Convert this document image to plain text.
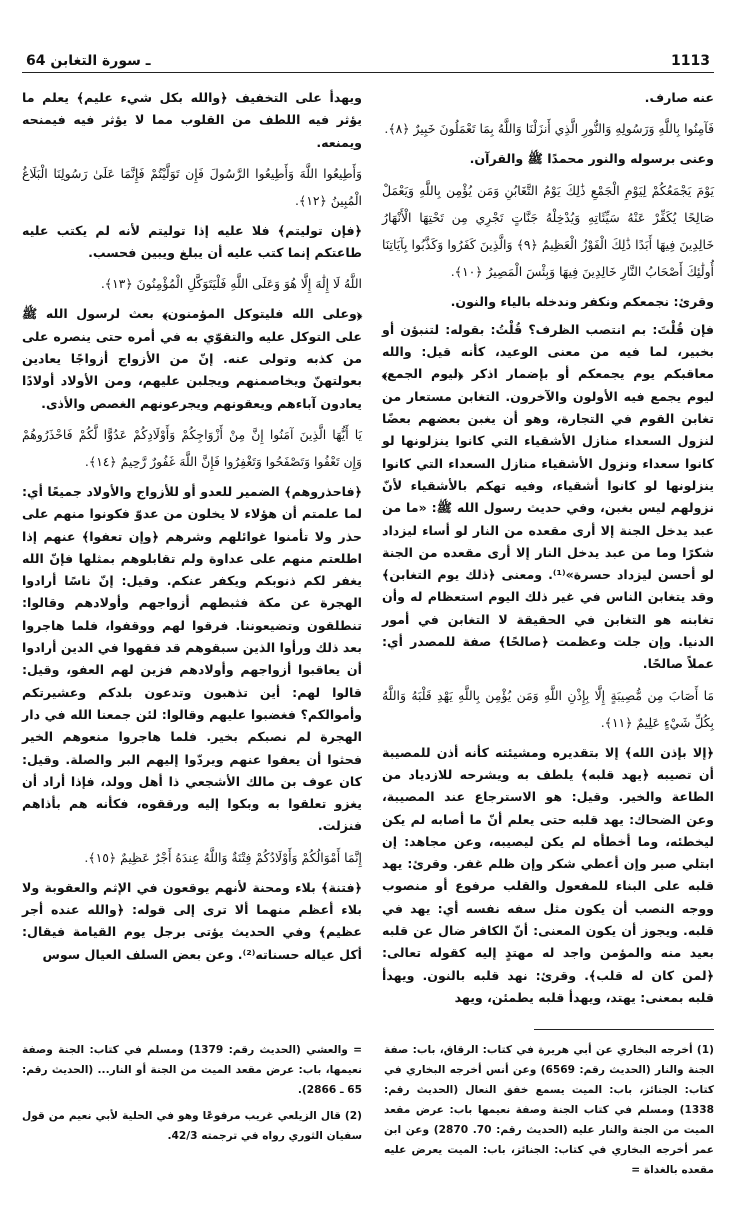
64 ـ سورة التغابن	1113

عنه صارف.

فَآمِنُوا بِاللَّهِ وَرَسُولِهِ وَالنُّورِ الَّذِي أَنزَلْنَا وَاللَّهُ بِمَا تَعْمَلُونَ خَبِيرٌ ﴿٨﴾.

وعنى برسوله والنور محمدًا ﷺ والقرآن.

يَوْمَ يَجْمَعُكُمْ لِيَوْمِ الْجَمْعِ ذَٰلِكَ يَوْمُ التَّغَابُنِ وَمَن يُؤْمِن بِاللَّهِ وَيَعْمَلْ صَالِحًا يُكَفِّرْ عَنْهُ سَيِّئَاتِهِ وَيُدْخِلْهُ جَنَّاتٍ تَجْرِي مِن تَحْتِهَا الْأَنْهَارُ خَالِدِينَ فِيهَا أَبَدًا ذَٰلِكَ الْفَوْزُ الْعَظِيمُ ﴿٩﴾ وَالَّذِينَ كَفَرُوا وَكَذَّبُوا بِآيَاتِنَا أُولَٰئِكَ أَصْحَابُ النَّارِ خَالِدِينَ فِيهَا وَبِئْسَ الْمَصِيرُ ﴿١٠﴾.

وقرئ: نجمعكم ونكفر وندخله بالياء والنون.

فإن قُلْتَ: بم انتصب الظرف؟ قُلْتُ: بقوله: لتنبؤن أو بخبير، لما فيه من معنى الوعيد، كأنه قيل: والله معاقبكم يوم يجمعكم أو بإضمار اذكر ﴿ليوم الجمع﴾ ليوم يجمع فيه الأولون والآخرون. التغابن مستعار من تغابن القوم في التجارة، وهو أن يغبن بعضهم بعضًا لنزول السعداء منازل الأشقياء التي كانوا ينزلونها لو كانوا سعداء ونزول الأشقياء منازل السعداء التي كانوا ينزلونها لو كانوا أشقياء، وفيه تهكم بالأشقياء لأنّ نزولهم ليس بغبن، وفي حديث رسول الله ﷺ: «ما من عبد يدخل الجنة إلا أرى مقعده من النار لو أساء ليزداد شكرًا وما من عبد يدخل النار إلا أرى مقعده من الجنة لو أحسن ليزداد حسرة»⁽¹⁾. ومعنى ﴿ذلك يوم التغابن﴾ وقد يتغابن الناس في غير ذلك اليوم استعظام له وأن تغابنه هو التغابن في الحقيقة لا التغابن في أمور الدنيا. وإن جلت وعظمت ﴿صالحًا﴾ صفة للمصدر أي: عملاً صالحًا.

مَا أَصَابَ مِن مُّصِيبَةٍ إِلَّا بِإِذْنِ اللَّهِ وَمَن يُؤْمِن بِاللَّهِ يَهْدِ قَلْبَهُ وَاللَّهُ بِكُلِّ شَيْءٍ عَلِيمٌ ﴿١١﴾.

﴿إلا بإذن الله﴾ إلا بتقديره ومشيئته كأنه أذن للمصيبة أن تصيبه ﴿يهد قلبه﴾ يلطف به ويشرحه للازدياد من الطاعة والخير. وقيل: هو الاسترجاع عند المصيبة، وعن الضحاك: يهد قلبه حتى يعلم أنّ ما أصابه لم يكن ليخطئه، وما أخطأه لم يكن ليصيبه، وعن مجاهد: إن ابتلي صبر وإن أعطي شكر وإن ظلم غفر. وقرئ: يهد قلبه على البناء للمفعول والقلب مرفوع أو منصوب ووجه النصب أن يكون مثل سفه نفسه أي: يهد في قلبه. ويجوز أن يكون المعنى: أنّ الكافر ضال عن قلبه بعيد منه والمؤمن واجد له مهتدٍ إليه كقوله تعالى: ﴿لمن كان له قلب﴾. وقرئ: نهد قلبه بالنون. ويهدأ قلبه بمعنى: يهتد، ويهدأ قلبه يطمئن، ويهد

ويهدأ على التخفيف ﴿والله بكل شيء عليم﴾ يعلم ما يؤثر فيه اللطف من القلوب مما لا يؤثر فيه فيمنحه ويمنعه.

وَأَطِيعُوا اللَّهَ وَأَطِيعُوا الرَّسُولَ فَإِن تَوَلَّيْتُمْ فَإِنَّمَا عَلَىٰ رَسُولِنَا الْبَلَاغُ الْمُبِينُ ﴿١٢﴾.

﴿فإن توليتم﴾ فلا عليه إذا توليتم لأنه لم يكتب عليه طاعتكم إنما كتب عليه أن يبلغ ويبين فحسب.

اللَّهُ لَا إِلَٰهَ إِلَّا هُوَ وَعَلَى اللَّهِ فَلْيَتَوَكَّلِ الْمُؤْمِنُونَ ﴿١٣﴾.

﴿وعلى الله فليتوكل المؤمنون﴾ بعث لرسول الله ﷺ على التوكل عليه والتقوّي به في أمره حتى ينصره على من كذبه وتولى عنه. إنّ من الأزواج أزواجًا يعادين بعولتهنّ ويخاصمنهم ويجلبن عليهم، ومن الأولاد أولادًا يعادون آباءهم ويعقونهم ويجرعونهم الغصص والأذى.

يَا أَيُّهَا الَّذِينَ آمَنُوا إِنَّ مِنْ أَزْوَاجِكُمْ وَأَوْلَادِكُمْ عَدُوًّا لَّكُمْ فَاحْذَرُوهُمْ وَإِن تَعْفُوا وَتَصْفَحُوا وَتَغْفِرُوا فَإِنَّ اللَّهَ غَفُورٌ رَّحِيمٌ ﴿١٤﴾.

﴿فاحذروهم﴾ الضمير للعدو أو للأزواج والأولاد جميعًا أي: لما علمتم أن هؤلاء لا يخلون من عدوّ فكونوا منهم على حذر ولا تأمنوا غوائلهم وشرهم ﴿وإن تعفوا﴾ عنهم إذا اطلعتم منهم على عداوة ولم تقابلوهم بمثلها فإنّ الله يغفر لكم ذنوبكم ويكفر عنكم. وقيل: إنّ ناسًا أرادوا الهجرة عن مكة فثبطهم أزواجهم وأولادهم وقالوا: تنطلقون وتضيعوننا. فرقوا لهم ووقفوا، فلما هاجروا بعد ذلك ورأوا الذين سبقوهم قد فقهوا في الدين أرادوا أن يعاقبوا أزواجهم وأولادهم فزين لهم العفو، وقيل: قالوا لهم: أين تذهبون وتدعون بلدكم وعشيرتكم وأموالكم؟ فغضبوا عليهم وقالوا: لئن جمعنا الله في دار الهجرة لم نصبكم بخير. فلما هاجروا منعوهم الخير فحثوا أن يعفوا عنهم ويردّوا إليهم البر والصلة. وقيل: كان عوف بن مالك الأشجعي ذا أهل وولد، فإذا أراد أن يغزو تعلقوا به وبكوا إليه ورققوه، فكأنه هم بأذاهم فنزلت.

إِنَّمَا أَمْوَالُكُمْ وَأَوْلَادُكُمْ فِتْنَةٌ وَاللَّهُ عِندَهُ أَجْرٌ عَظِيمٌ ﴿١٥﴾.

﴿فتنة﴾ بلاء ومحنة لأنهم يوقعون في الإثم والعقوبة ولا بلاء أعظم منهما ألا ترى إلى قوله: ﴿والله عنده أجر عظيم﴾ وفي الحديث يؤتى برجل يوم القيامة فيقال: أكل عياله حسناته⁽²⁾. وعن بعض السلف العيال سوس

(1) أخرجه البخاري عن أبي هريرة في كتاب: الرقاق، باب: صفة الجنة والنار (الحديث رقم: 6569) وعن أنس أخرجه البخاري في كتاب: الجنائز، باب: الميت يسمع خفق النعال (الحديث رقم: 1338) ومسلم في كتاب الجنة وصفة نعيمها باب: عرض مقعد الميت من الجنة والنار عليه (الحديث رقم: 70. 2870) وعن ابن عمر أخرجه البخاري في كتاب: الجنائز، باب: الميت يعرض عليه مقعده بالغداة =

= والعشي (الحديث رقم: 1379) ومسلم في كتاب: الجنة وصفة نعيمها، باب: عرض مقعد الميت من الجنة أو النار... (الحديث رقم: 65 ـ 2866).

(2) قال الزيلعي غريب مرفوعًا وهو في الحلية لأبي نعيم من قول سفيان الثوري رواه في ترجمته 42/3.
